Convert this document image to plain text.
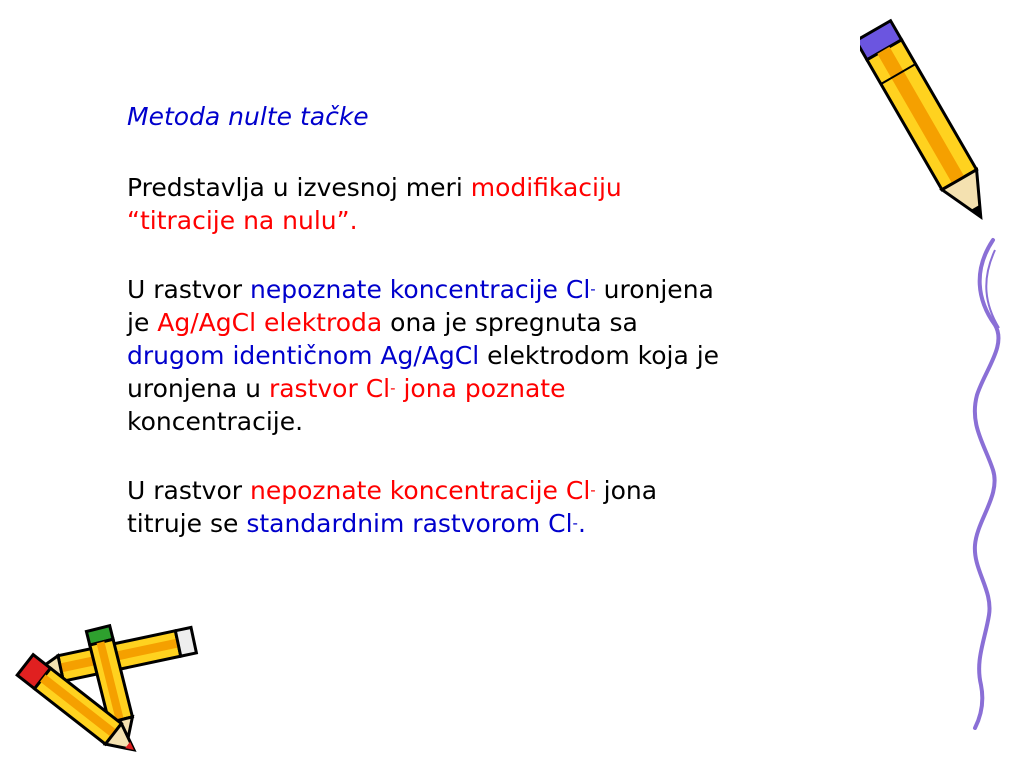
Metoda nulte tačke

Predstavlja u izvesnoj meri modifikaciju
“titracije na nulu”.
U rastvor nepoznate koncentracije Cl- uronjena
je Ag/AgCl elektroda ona je spregnuta sa
drugom identičnom Ag/AgCl elektrodom koja je
uronjena u rastvor Cl- jona poznate
koncentracije.
U rastvor nepoznate koncentracije Cl- jona
titruje se standardnim rastvorom Cl-.
